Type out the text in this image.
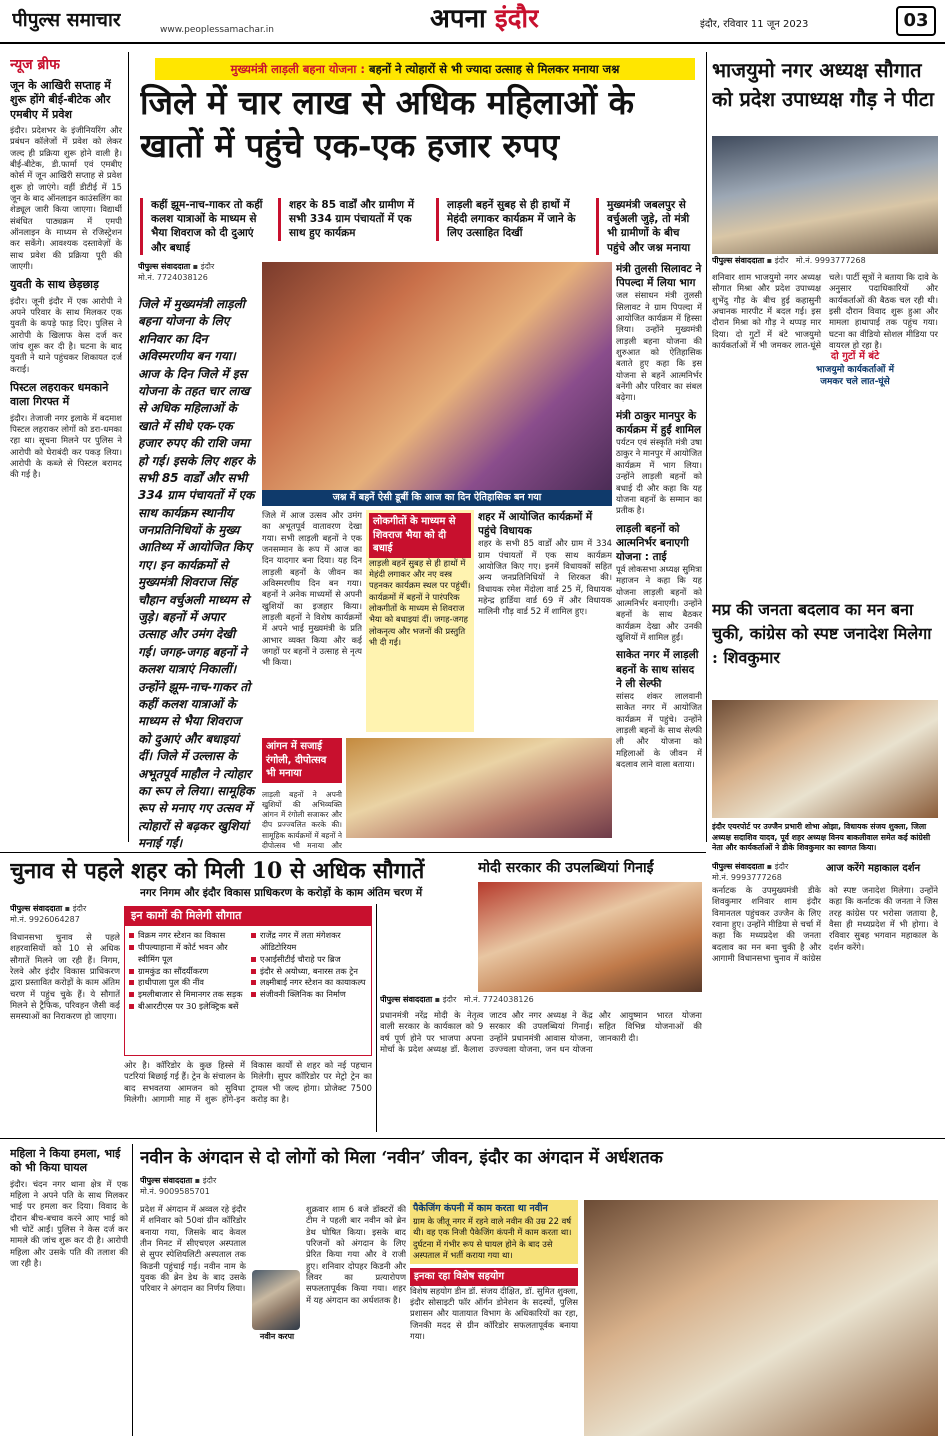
पीपुल्स समाचार	www.peoplessamachar.in	अपना इंदौर	इंदौर, रविवार 11 जून 2023	03
न्यूज ब्रीफ
जून के आखिरी सप्ताह में शुरू होंगे बीई-बीटेक और एमबीए में प्रवेश
इंदौर। प्रदेशभर के इंजीनियरिंग और प्रबंधन कॉलेजों में प्रवेश को लेकर जल्द ही प्रक्रिया शुरू होने वाली है। बीई-बीटेक, डी.फार्मा एवं एमबीए कोर्स में जून आखिरी सप्ताह से प्रवेश शुरू हो जाएंगे। वहीं डीटीई में 15 जून के बाद ऑनलाइन काउंसलिंग का शेड्यूल जारी किया जाएगा। विद्यार्थी संबंधित पाठ्यक्रम में एमपी ऑनलाइन के माध्यम से रजिस्ट्रेशन कर सकेंगे। आवश्यक दस्तावेज़ों के साथ प्रवेश की प्रक्रिया पूरी की जाएगी।
युवती के साथ छेड़छाड़
इंदौर। जूनी इंदौर में एक आरोपी ने अपने परिवार के साथ मिलकर एक युवती के कपड़े फाड़ दिए। पुलिस ने आरोपी के खिलाफ केस दर्ज कर जांच शुरू कर दी है। घटना के बाद युवती ने थाने पहुंचकर शिकायत दर्ज कराई।
पिस्टल लहराकर धमकाने वाला गिरफ्त में
इंदौर। तेजाजी नगर इलाके में बदमाश पिस्टल लहराकर लोगों को डरा-धमका रहा था। सूचना मिलने पर पुलिस ने आरोपी को घेराबंदी कर पकड़ लिया। आरोपी के कब्जे से पिस्टल बरामद की गई है।
मुख्यमंत्री लाड़ली बहना योजना : बहनों ने त्योहारों से भी ज्यादा उत्साह से मिलकर मनाया जश्न
जिले में चार लाख से अधिक महिलाओं के खातों में पहुंचे एक-एक हजार रुपए
कहीं झूम-नाच-गाकर तो कहीं कलश यात्राओं के माध्यम से भैया शिवराज को दी दुआएं और बधाई
शहर के 85 वार्डों और ग्रामीण में सभी 334 ग्राम पंचायतों में एक साथ हुए कार्यक्रम
लाड़ली बहनें सुबह से ही हाथों में मेहंदी लगाकर कार्यक्रम में जाने के लिए उत्साहित दिखीं
मुख्यमंत्री जबलपुर से वर्चुअली जुड़े, तो मंत्री भी ग्रामीणों के बीच पहुंचे और जश्न मनाया
पीपुल्स संवाददाता ▪ इंदौर
मो.नं. 7724038126
जिले में मुख्यमंत्री लाड़ली बहना योजना के लिए शनिवार का दिन अविस्मरणीय बन गया। आज के दिन जिले में इस योजना के तहत चार लाख से अधिक महिलाओं के खाते में सीधे एक-एक हजार रुपए की राशि जमा हो गई। इसके लिए शहर के सभी 85 वार्डों और सभी 334 ग्राम पंचायतों में एक साथ कार्यक्रम स्थानीय जनप्रतिनिधियों के मुख्य आतिथ्य में आयोजित किए गए। इन कार्यक्रमों से मुख्यमंत्री शिवराज सिंह चौहान वर्चुअली माध्यम से जुड़े। बहनों में अपार उत्साह और उमंग देखी गई। जगह-जगह बहनों ने कलश यात्राएं निकालीं। उन्होंने झूम-नाच-गाकर तो कहीं कलश यात्राओं के माध्यम से भैया शिवराज को दुआएं और बधाइयां दीं। जिले में उल्लास के अभूतपूर्व माहौल ने त्योहार का रूप ले लिया। सामूहिक रूप से मनाए गए उत्सव में त्योहारों से बढ़कर खुशियां मनाई गईं।
जश्न में बहनें ऐसी डूबीं कि आज का दिन ऐतिहासिक बन गया
जिले में आज उत्सव और उमंग का अभूतपूर्व वातावरण देखा गया। सभी लाड़ली बहनों ने एक जनसम्मान के रूप में आज का दिन यादगार बना दिया। यह दिन लाड़ली बहनों के जीवन का अविस्मरणीय दिन बन गया। बहनों ने अनेक माध्यमों से अपनी खुशियों का इजहार किया। लाड़ली बहनों ने विशेष कार्यक्रमों में अपने भाई मुख्यमंत्री के प्रति आभार व्यक्त किया और कई जगहों पर बहनों ने उत्साह से नृत्य भी किया।
लोकगीतों के माध्यम से शिवराज भैया को दी बधाई
लाड़ली बहनें सुबह से ही हाथों में मेहंदी लगाकर और नए वस्त्र पहनकर कार्यक्रम स्थल पर पहुंचीं। कार्यक्रमों में बहनों ने पारंपरिक लोकगीतों के माध्यम से शिवराज भैया को बधाइयां दीं। जगह-जगह लोकनृत्य और भजनों की प्रस्तुति भी दी गई।
शहर में आयोजित कार्यक्रमों में पहुंचे विधायक
शहर के सभी 85 वार्डों और ग्राम में 334 ग्राम पंचायतों में एक साथ कार्यक्रम आयोजित किए गए। इनमें विधायकों सहित अन्य जनप्रतिनिधियों ने शिरकत की। विधायक रमेश मेंदोला वार्ड 25 में, विधायक महेन्द्र हार्डिया वार्ड 69 में और विधायक मालिनी गौड़ वार्ड 52 में शामिल हुए।
आंगन में सजाई रंगोली, दीपोत्सव भी मनाया
लाड़ली बहनों ने अपनी खुशियों की अभिव्यक्ति आंगन में रंगोली सजाकर और दीप प्रज्ज्वलित करके की। सामूहिक कार्यक्रमों में बहनों ने दीपोत्सव भी मनाया और
मंत्री तुलसी सिलावट ने पिपल्दा में लिया भाग
जल संसाधन मंत्री तुलसी सिलावट ने ग्राम पिपल्दा में आयोजित कार्यक्रम में हिस्सा लिया। उन्होंने मुख्यमंत्री लाड़ली बहना योजना की शुरुआत को ऐतिहासिक बताते हुए कहा कि इस योजना से बहनें आत्मनिर्भर बनेंगी और परिवार का संबल बढ़ेगा।
मंत्री ठाकुर मानपुर के कार्यक्रम में हुईं शामिल
पर्यटन एवं संस्कृति मंत्री उषा ठाकुर ने मानपुर में आयोजित कार्यक्रम में भाग लिया। उन्होंने लाड़ली बहनों को बधाई दी और कहा कि यह योजना बहनों के सम्मान का प्रतीक है।
लाड़ली बहनों को आत्मनिर्भर बनाएगी योजना : ताई
पूर्व लोकसभा अध्यक्ष सुमित्रा महाजन ने कहा कि यह योजना लाड़ली बहनों को आत्मनिर्भर बनाएगी। उन्होंने बहनों के साथ बैठकर कार्यक्रम देखा और उनकी खुशियों में शामिल हुईं।
साकेत नगर में लाड़ली बहनों के साथ सांसद ने ली सेल्फी
सांसद शंकर लालवानी साकेत नगर में आयोजित कार्यक्रम में पहुंचे। उन्होंने लाड़ली बहनों के साथ सेल्फी ली और योजना को महिलाओं के जीवन में बदलाव लाने वाला बताया।
भाजयुमो नगर अध्यक्ष सौगात को प्रदेश उपाध्यक्ष गौड़ ने पीटा
पीपुल्स संवाददाता ▪ इंदौर मो.नं. 9993777268
दो गुटों में बंटे
भाजयुमो कार्यकर्ताओं में जमकर चले लात-घूंसे
शनिवार शाम भाजयुमो नगर अध्यक्ष सौगात मिश्रा और प्रदेश उपाध्यक्ष शुभेंदु गौड़ के बीच हुई कहासुनी अचानक मारपीट में बदल गई। इस दौरान मिश्रा को गौड़ ने थप्पड़ मार दिया। दो गुटों में बंटे भाजयुमो कार्यकर्ताओं में भी जमकर लात-घूंसे चले। पार्टी सूत्रों ने बताया कि दावे के अनुसार पदाधिकारियों और कार्यकर्ताओं की बैठक चल रही थी। इसी दौरान विवाद शुरू हुआ और मामला हाथापाई तक पहुंच गया। घटना का वीडियो सोशल मीडिया पर वायरल हो रहा है।
मप्र की जनता बदलाव का मन बना चुकी, कांग्रेस को स्पष्ट जनादेश मिलेगा : शिवकुमार
इंदौर एयरपोर्ट पर उज्जैन प्रभारी शोभा ओझा, विधायक संजय शुक्ला, जिला अध्यक्ष सदाशिव यादव, पूर्व शहर अध्यक्ष विनय बाकलीवाल समेत कई कांग्रेसी नेता और कार्यकर्ताओं ने डीके शिवकुमार का स्वागत किया।
पीपुल्स संवाददाता ▪ इंदौर
मो.नं. 9993777268
आज करेंगे महाकाल दर्शन
कर्नाटक के उपमुख्यमंत्री डीके शिवकुमार शनिवार शाम इंदौर विमानतल पहुंचकर उज्जैन के लिए रवाना हुए। उन्होंने मीडिया से चर्चा में कहा कि मध्यप्रदेश की जनता बदलाव का मन बना चुकी है और आगामी विधानसभा चुनाव में कांग्रेस को स्पष्ट जनादेश मिलेगा। उन्होंने कहा कि कर्नाटक की जनता ने जिस तरह कांग्रेस पर भरोसा जताया है, वैसा ही मध्यप्रदेश में भी होगा। वे रविवार सुबह भगवान महाकाल के दर्शन करेंगे।
चुनाव से पहले शहर को मिली 10 से अधिक सौगातें
नगर निगम और इंदौर विकास प्राधिकरण के करोड़ों के काम अंतिम चरण में
पीपुल्स संवाददाता ▪ इंदौर
मो.नं. 9926064287
विधानसभा चुनाव से पहले शहरवासियों को 10 से अधिक सौगातें मिलने जा रही हैं। निगम, रेलवे और इंदौर विकास प्राधिकरण द्वारा प्रस्तावित करोड़ों के काम अंतिम चरण में पहुंच चुके हैं। ये सौगातें मिलने से ट्रैफिक, परिवहन जैसी कई समस्याओं का निराकरण हो जाएगा।
इन कामों की मिलेगी सौगात
विक्रम नगर स्टेशन का विकास
पीपल्याहाना में कोर्ट भवन और स्वीमिंग पूल
ग्रामकुंड का सौंदर्यीकरण
हाथीपाला पुल की नींव
इमलीबाजार से मिमानगर तक सड़क
बीआरटीएस पर 30 इलेक्ट्रिक बसें
राजेंद्र नगर में लता मंगेशकर ऑडिटोरियम
एआईसीटीई चौराहे पर ब्रिज
इंदौर से अयोध्या, बनारस तक ट्रेन
लक्ष्मीबाई नगर स्टेशन का कायाकल्प
संजीवनी क्लिनिक का निर्माण
ओर है। कॉरिडोर के कुछ हिस्से में पटरियां बिछाई गई हैं। ट्रेन के संचालन के बाद सभवतया आमजन को सुविधा मिलेगी। आगामी माह में शुरू होंगे-इन विकास कार्यों से शहर को नई पहचान मिलेगी। सुपर कॉरिडोर पर मेट्रो ट्रेन का ट्रायल भी जल्द होगा। प्रोजेक्ट 7500 करोड़ का है।
मोदी सरकार की उपलब्धियां गिनाईं
पीपुल्स संवाददाता ▪ इंदौर मो.नं. 7724038126
प्रधानमंत्री नरेंद्र मोदी के नेतृत्व वाली सरकार के कार्यकाल को 9 वर्ष पूर्ण होने पर भाजपा अपना मोर्चा के प्रदेश अध्यक्ष डॉ. कैलाश जाटव और नगर अध्यक्ष ने केंद्र सरकार की उपलब्धियां गिनाईं। उन्होंने प्रधानमंत्री आवास योजना, उज्ज्वला योजना, जन धन योजना और आयुष्मान भारत योजना सहित विभिन्न योजनाओं की जानकारी दी।
महिला ने किया हमला, भाई को भी किया घायल
इंदौर। चंदन नगर थाना क्षेत्र में एक महिला ने अपने पति के साथ मिलकर भाई पर हमला कर दिया। विवाद के दौरान बीच-बचाव करने आए भाई को भी चोटें आईं। पुलिस ने केस दर्ज कर मामले की जांच शुरू कर दी है। आरोपी महिला और उसके पति की तलाश की जा रही है।
नवीन के अंगदान से दो लोगों को मिला ‘नवीन’ जीवन, इंदौर का अंगदान में अर्धशतक
पीपुल्स संवाददाता ▪ इंदौर
मो.नं. 9009585701
प्रदेश में अंगदान में अव्वल रहे इंदौर में शनिवार को 50वां ग्रीन कॉरिडोर बनाया गया, जिसके बाद केवल तीन मिनट में सीएचएल अस्पताल से सुपर स्पेशियलिटी अस्पताल तक किडनी पहुंचाई गई। नवीन नाम के युवक की ब्रेन डेथ के बाद उसके परिवार ने अंगदान का निर्णय लिया।
नवीन करपा
शुक्रवार शाम 6 बजे डॉक्टरों की टीम ने पहली बार नवीन को ब्रेन डेथ घोषित किया। इसके बाद परिजनों को अंगदान के लिए प्रेरित किया गया और वे राजी हुए। शनिवार दोपहर किडनी और लिवर का प्रत्यारोपण सफलतापूर्वक किया गया। शहर में यह अंगदान का अर्धशतक है।
पैकेजिंग कंपनी में काम करता था नवीन
ग्राम के जीतू नगर में रहने वाले नवीन की उम्र 22 वर्ष थी। वह एक निजी पैकेजिंग कंपनी में काम करता था। दुर्घटना में गंभीर रूप से घायल होने के बाद उसे अस्पताल में भर्ती कराया गया था।
इनका रहा विशेष सहयोग
विशेष सहयोग डीन डॉ. संजय दीक्षित, डॉ. सुमित शुक्ला, इंदौर सोसाइटी फॉर ऑर्गन डोनेशन के सदस्यों, पुलिस प्रशासन और यातायात विभाग के अधिकारियों का रहा, जिनकी मदद से ग्रीन कॉरिडोर सफलतापूर्वक बनाया गया।
